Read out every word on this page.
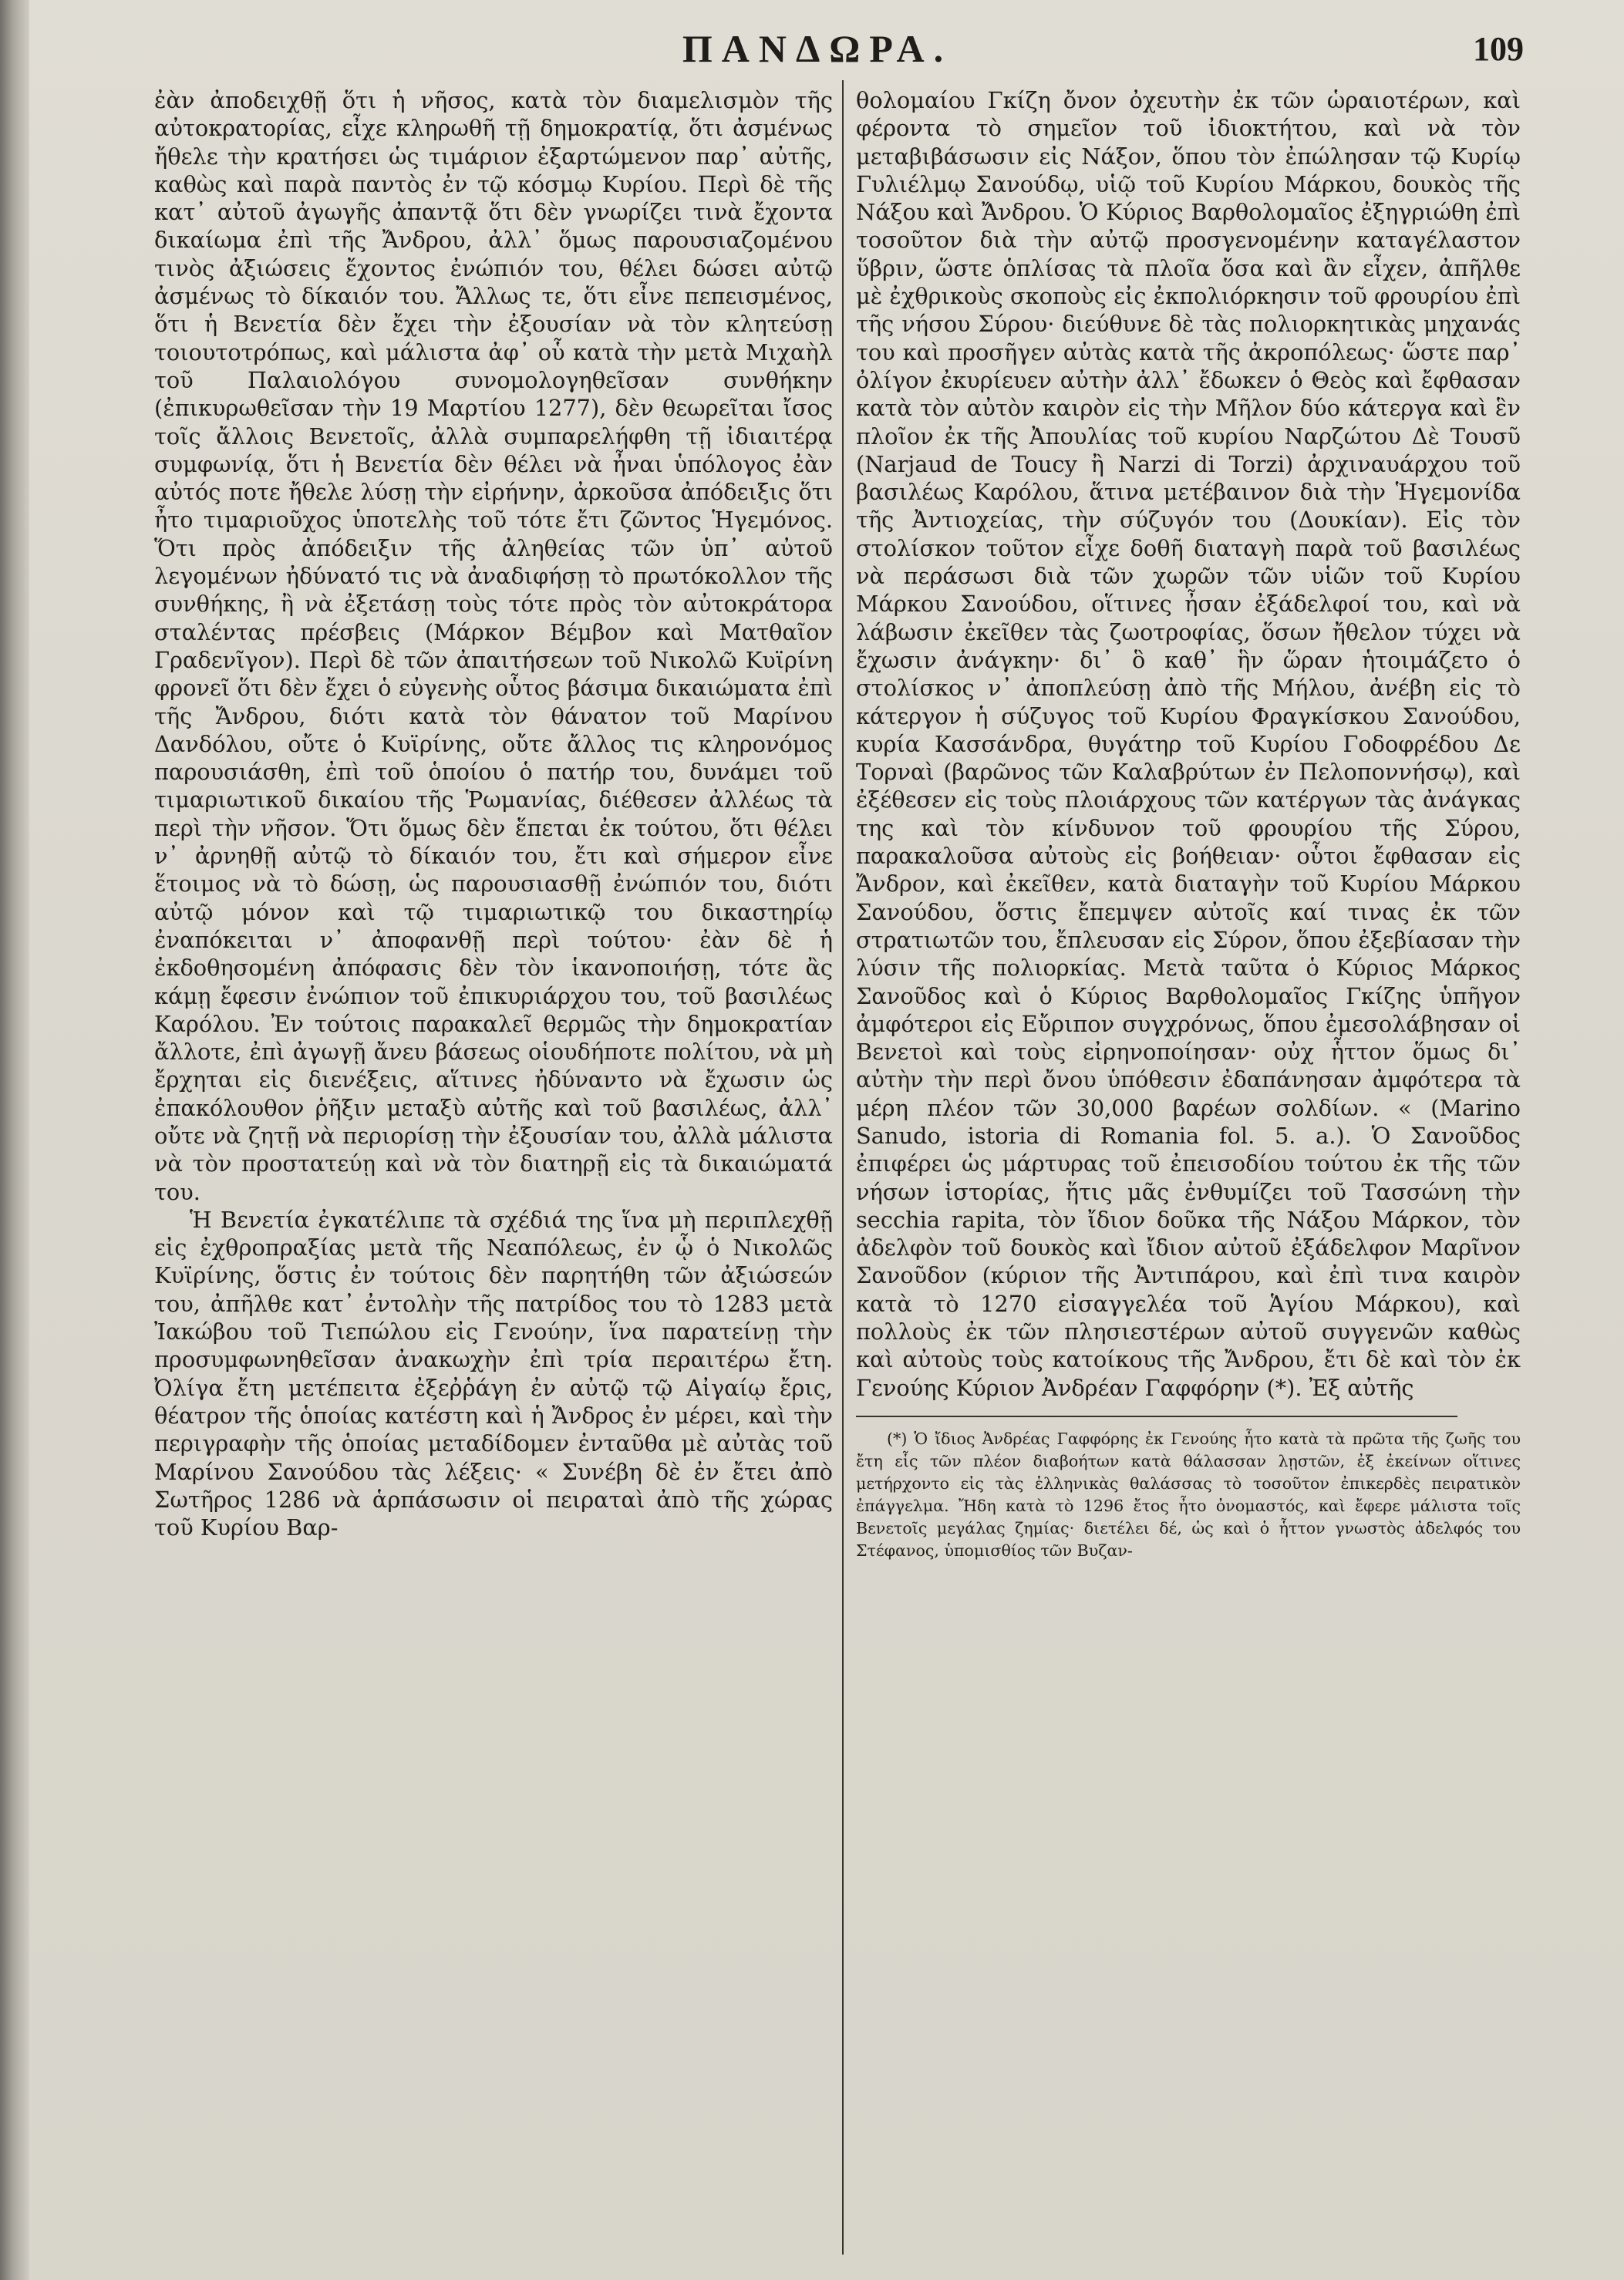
ΠΑΝΔΩΡΑ.	109

ἐὰν ἀποδειχθῇ ὅτι ἡ νῆσος, κατὰ τὸν διαμελισμὸν τῆς αὐτοκρατορίας, εἶχε κληρωθῆ τῇ δημοκρατίᾳ, ὅτι ἀσμένως ἤθελε τὴν κρατήσει ὡς τιμάριον ἐξαρτώμενον παρ᾽ αὐτῆς, καθὼς καὶ παρὰ παντὸς ἐν τῷ κόσμῳ Κυρίου. Περὶ δὲ τῆς κατ᾽ αὐτοῦ ἀγωγῆς ἀπαντᾷ ὅτι δὲν γνωρίζει τινὰ ἔχοντα δικαίωμα ἐπὶ τῆς Ἄνδρου, ἀλλ᾽ ὅμως παρουσιαζομένου τινὸς ἀξιώσεις ἔχοντος ἐνώπιόν του, θέλει δώσει αὐτῷ ἀσμένως τὸ δίκαιόν του. Ἄλλως τε, ὅτι εἶνε πεπεισμένος, ὅτι ἡ Βενετία δὲν ἔχει τὴν ἐξουσίαν νὰ τὸν κλητεύσῃ τοιουτοτρόπως, καὶ μάλιστα ἀφ᾽ οὗ κατὰ τὴν μετὰ Μιχαὴλ τοῦ Παλαιολόγου συνομολογηθεῖσαν συνθήκην (ἐπικυρωθεῖσαν τὴν 19 Μαρτίου 1277), δὲν θεωρεῖται ἴσος τοῖς ἄλλοις Βενετοῖς, ἀλλὰ συμπαρελήφθη τῇ ἰδιαιτέρᾳ συμφωνίᾳ, ὅτι ἡ Βενετία δὲν θέλει νὰ ἦναι ὑπόλογος ἐὰν αὐτός ποτε ἤθελε λύσῃ τὴν εἰρήνην, ἀρκοῦσα ἀπόδειξις ὅτι ἦτο τιμαριοῦχος ὑποτελὴς τοῦ τότε ἔτι ζῶντος Ἡγεμόνος. Ὅτι πρὸς ἀπόδειξιν τῆς ἀληθείας τῶν ὑπ᾽ αὐτοῦ λεγομένων ἠδύνατό τις νὰ ἀναδιφήσῃ τὸ πρωτόκολλον τῆς συνθήκης, ἢ νὰ ἐξετάσῃ τοὺς τότε πρὸς τὸν αὐτοκράτορα σταλέντας πρέσβεις (Μάρκον Βέμβον καὶ Ματθαῖον Γραδενῖγον). Περὶ δὲ τῶν ἀπαιτήσεων τοῦ Νικολῶ Κυϊρίνη φρονεῖ ὅτι δὲν ἔχει ὁ εὐγενὴς οὗτος βάσιμα δικαιώματα ἐπὶ τῆς Ἄνδρου, διότι κατὰ τὸν θάνατον τοῦ Μαρίνου Δανδόλου, οὔτε ὁ Κυϊρίνης, οὔτε ἄλλος τις κληρονόμος παρουσιάσθη, ἐπὶ τοῦ ὁποίου ὁ πατήρ του, δυνάμει τοῦ τιμαριωτικοῦ δικαίου τῆς Ῥωμανίας, διέθεσεν ἀλλέως τὰ περὶ τὴν νῆσον. Ὅτι ὅμως δὲν ἕπεται ἐκ τούτου, ὅτι θέλει ν᾽ ἀρνηθῇ αὐτῷ τὸ δίκαιόν του, ἔτι καὶ σήμερον εἶνε ἕτοιμος νὰ τὸ δώσῃ, ὡς παρουσιασθῇ ἐνώπιόν του, διότι αὐτῷ μόνον καὶ τῷ τιμαριωτικῷ του δικαστηρίῳ ἐναπόκειται ν᾽ ἀποφανθῇ περὶ τούτου· ἐὰν δὲ ἡ ἐκδοθησομένη ἀπόφασις δὲν τὸν ἱκανοποιήσῃ, τότε ἂς κάμῃ ἔφεσιν ἐνώπιον τοῦ ἐπικυριάρχου του, τοῦ βασιλέως Καρόλου. Ἐν τούτοις παρακαλεῖ θερμῶς τὴν δημοκρατίαν ἄλλοτε, ἐπὶ ἀγωγῇ ἄνευ βάσεως οἱουδήποτε πολίτου, νὰ μὴ ἔρχηται εἰς διενέξεις, αἵτινες ἠδύναντο νὰ ἔχωσιν ὡς ἐπακόλουθον ῥῆξιν μεταξὺ αὐτῆς καὶ τοῦ βασιλέως, ἀλλ᾽ οὔτε νὰ ζητῇ νὰ περιορίσῃ τὴν ἐξουσίαν του, ἀλλὰ μάλιστα νὰ τὸν προστατεύῃ καὶ νὰ τὸν διατηρῇ εἰς τὰ δικαιώματά του.

Ἡ Βενετία ἐγκατέλιπε τὰ σχέδιά της ἵνα μὴ περιπλεχθῇ εἰς ἐχθροπραξίας μετὰ τῆς Νεαπόλεως, ἐν ᾧ ὁ Νικολῶς Κυϊρίνης, ὅστις ἐν τούτοις δὲν παρητήθη τῶν ἀξιώσεών του, ἀπῆλθε κατ᾽ ἐντολὴν τῆς πατρίδος του τὸ 1283 μετὰ Ἰακώβου τοῦ Τιεπώλου εἰς Γενούην, ἵνα παρατείνῃ τὴν προσυμφωνηθεῖσαν ἀνακωχὴν ἐπὶ τρία περαιτέρω ἔτη. Ὀλίγα ἔτη μετέπειτα ἐξεῤῥάγη ἐν αὐτῷ τῷ Αἰγαίῳ ἔρις, θέατρον τῆς ὁποίας κατέστη καὶ ἡ Ἄνδρος ἐν μέρει, καὶ τὴν περιγραφὴν τῆς ὁποίας μεταδίδομεν ἐνταῦθα μὲ αὐτὰς τοῦ Μαρίνου Σανούδου τὰς λέξεις· « Συνέβη δὲ ἐν ἔτει ἀπὸ Σωτῆρος 1286 νὰ ἁρπάσωσιν οἱ πειραταὶ ἀπὸ τῆς χώρας τοῦ Κυρίου Βαρ-

θολομαίου Γκίζη ὄνον ὀχευτὴν ἐκ τῶν ὡραιοτέρων, καὶ φέροντα τὸ σημεῖον τοῦ ἰδιοκτήτου, καὶ νὰ τὸν μεταβιβάσωσιν εἰς Νάξον, ὅπου τὸν ἐπώλησαν τῷ Κυρίῳ Γυλιέλμῳ Σανούδῳ, υἱῷ τοῦ Κυρίου Μάρκου, δουκὸς τῆς Νάξου καὶ Ἄνδρου. Ὁ Κύριος Βαρθολομαῖος ἐξηγριώθη ἐπὶ τοσοῦτον διὰ τὴν αὐτῷ προσγενομένην καταγέλαστον ὕβριν, ὥστε ὁπλίσας τὰ πλοῖα ὅσα καὶ ἂν εἶχεν, ἀπῆλθε μὲ ἐχθρικοὺς σκοποὺς εἰς ἐκπολιόρκησιν τοῦ φρουρίου ἐπὶ τῆς νήσου Σύρου· διεύθυνε δὲ τὰς πολιορκητικὰς μηχανάς του καὶ προσῆγεν αὐτὰς κατὰ τῆς ἀκροπόλεως· ὥστε παρ᾽ ὀλίγον ἐκυρίευεν αὐτὴν ἀλλ᾽ ἔδωκεν ὁ Θεὸς καὶ ἔφθασαν κατὰ τὸν αὐτὸν καιρὸν εἰς τὴν Μῆλον δύο κάτεργα καὶ ἓν πλοῖον ἐκ τῆς Ἀπουλίας τοῦ κυρίου Ναρζώτου Δὲ Τουσῦ (Narjaud de Toucy ἢ Narzi di Torzi) ἀρχιναυάρχου τοῦ βασιλέως Καρόλου, ἅτινα μετέβαινον διὰ τὴν Ἡγεμονίδα τῆς Ἀντιοχείας, τὴν σύζυγόν του (Δουκίαν). Εἰς τὸν στολίσκον τοῦτον εἶχε δοθῆ διαταγὴ παρὰ τοῦ βασιλέως νὰ περάσωσι διὰ τῶν χωρῶν τῶν υἱῶν τοῦ Κυρίου Μάρκου Σανούδου, οἵτινες ἦσαν ἐξάδελφοί του, καὶ νὰ λάβωσιν ἐκεῖθεν τὰς ζωοτροφίας, ὅσων ἤθελον τύχει νὰ ἔχωσιν ἀνάγκην· δι᾽ ὃ καθ᾽ ἣν ὥραν ἡτοιμάζετο ὁ στολίσκος ν᾽ ἀποπλεύσῃ ἀπὸ τῆς Μήλου, ἀνέβη εἰς τὸ κάτεργον ἡ σύζυγος τοῦ Κυρίου Φραγκίσκου Σανούδου, κυρία Κασσάνδρα, θυγάτηρ τοῦ Κυρίου Γοδοφρέδου Δε Τορναὶ (βαρῶνος τῶν Καλαβρύτων ἐν Πελοποννήσῳ), καὶ ἐξέθεσεν εἰς τοὺς πλοιάρχους τῶν κατέργων τὰς ἀνάγκας της καὶ τὸν κίνδυνον τοῦ φρουρίου τῆς Σύρου, παρακαλοῦσα αὐτοὺς εἰς βοήθειαν· οὗτοι ἔφθασαν εἰς Ἄνδρον, καὶ ἐκεῖθεν, κατὰ διαταγὴν τοῦ Κυρίου Μάρκου Σανούδου, ὅστις ἔπεμψεν αὐτοῖς καί τινας ἐκ τῶν στρατιωτῶν του, ἔπλευσαν εἰς Σύρον, ὅπου ἐξεβίασαν τὴν λύσιν τῆς πολιορκίας. Μετὰ ταῦτα ὁ Κύριος Μάρκος Σανοῦδος καὶ ὁ Κύριος Βαρθολομαῖος Γκίζης ὑπῆγον ἀμφότεροι εἰς Εὔριπον συγχρόνως, ὅπου ἐμεσολάβησαν οἱ Βενετοὶ καὶ τοὺς εἰρηνοποίησαν· οὐχ ἧττον ὅμως δι᾽ αὐτὴν τὴν περὶ ὄνου ὑπόθεσιν ἐδαπάνησαν ἀμφότερα τὰ μέρη πλέον τῶν 30,000 βαρέων σολδίων. « (Marino Sanudo, istoria di Romania fol. 5. a.). Ὁ Σανοῦδος ἐπιφέρει ὡς μάρτυρας τοῦ ἐπεισοδίου τούτου ἐκ τῆς τῶν νήσων ἱστορίας, ἥτις μᾶς ἐνθυμίζει τοῦ Τασσώνη τὴν secchia rapita, τὸν ἴδιον δοῦκα τῆς Νάξου Μάρκον, τὸν ἀδελφὸν τοῦ δουκὸς καὶ ἴδιον αὐτοῦ ἐξάδελφον Μαρῖνον Σανοῦδον (κύριον τῆς Ἀντιπάρου, καὶ ἐπὶ τινα καιρὸν κατὰ τὸ 1270 εἰσαγγελέα τοῦ Ἁγίου Μάρκου), καὶ πολλοὺς ἐκ τῶν πλησιεστέρων αὐτοῦ συγγενῶν καθὼς καὶ αὐτοὺς τοὺς κατοίκους τῆς Ἄνδρου, ἔτι δὲ καὶ τὸν ἐκ Γενούης Κύριον Ἀνδρέαν Γαφφόρην (*). Ἐξ αὐτῆς

(*) Ὁ ἴδιος Ἀνδρέας Γαφφόρης ἐκ Γενούης ἦτο κατὰ τὰ πρῶτα τῆς ζωῆς του ἔτη εἷς τῶν πλέον διαβοήτων κατὰ θάλασσαν λῃστῶν, ἐξ ἐκείνων οἵτινες μετήρχοντο εἰς τὰς ἑλληνικὰς θαλάσσας τὸ τοσοῦτον ἐπικερδὲς πειρατικὸν ἐπάγγελμα. Ἤδη κατὰ τὸ 1296 ἔτος ἦτο ὀνομαστός, καὶ ἔφερε μάλιστα τοῖς Βενετοῖς μεγάλας ζημίας· διετέλει δέ, ὡς καὶ ὁ ἧττον γνωστὸς ἀδελφός του Στέφανος, ὑπομισθίος τῶν Βυζαν-
